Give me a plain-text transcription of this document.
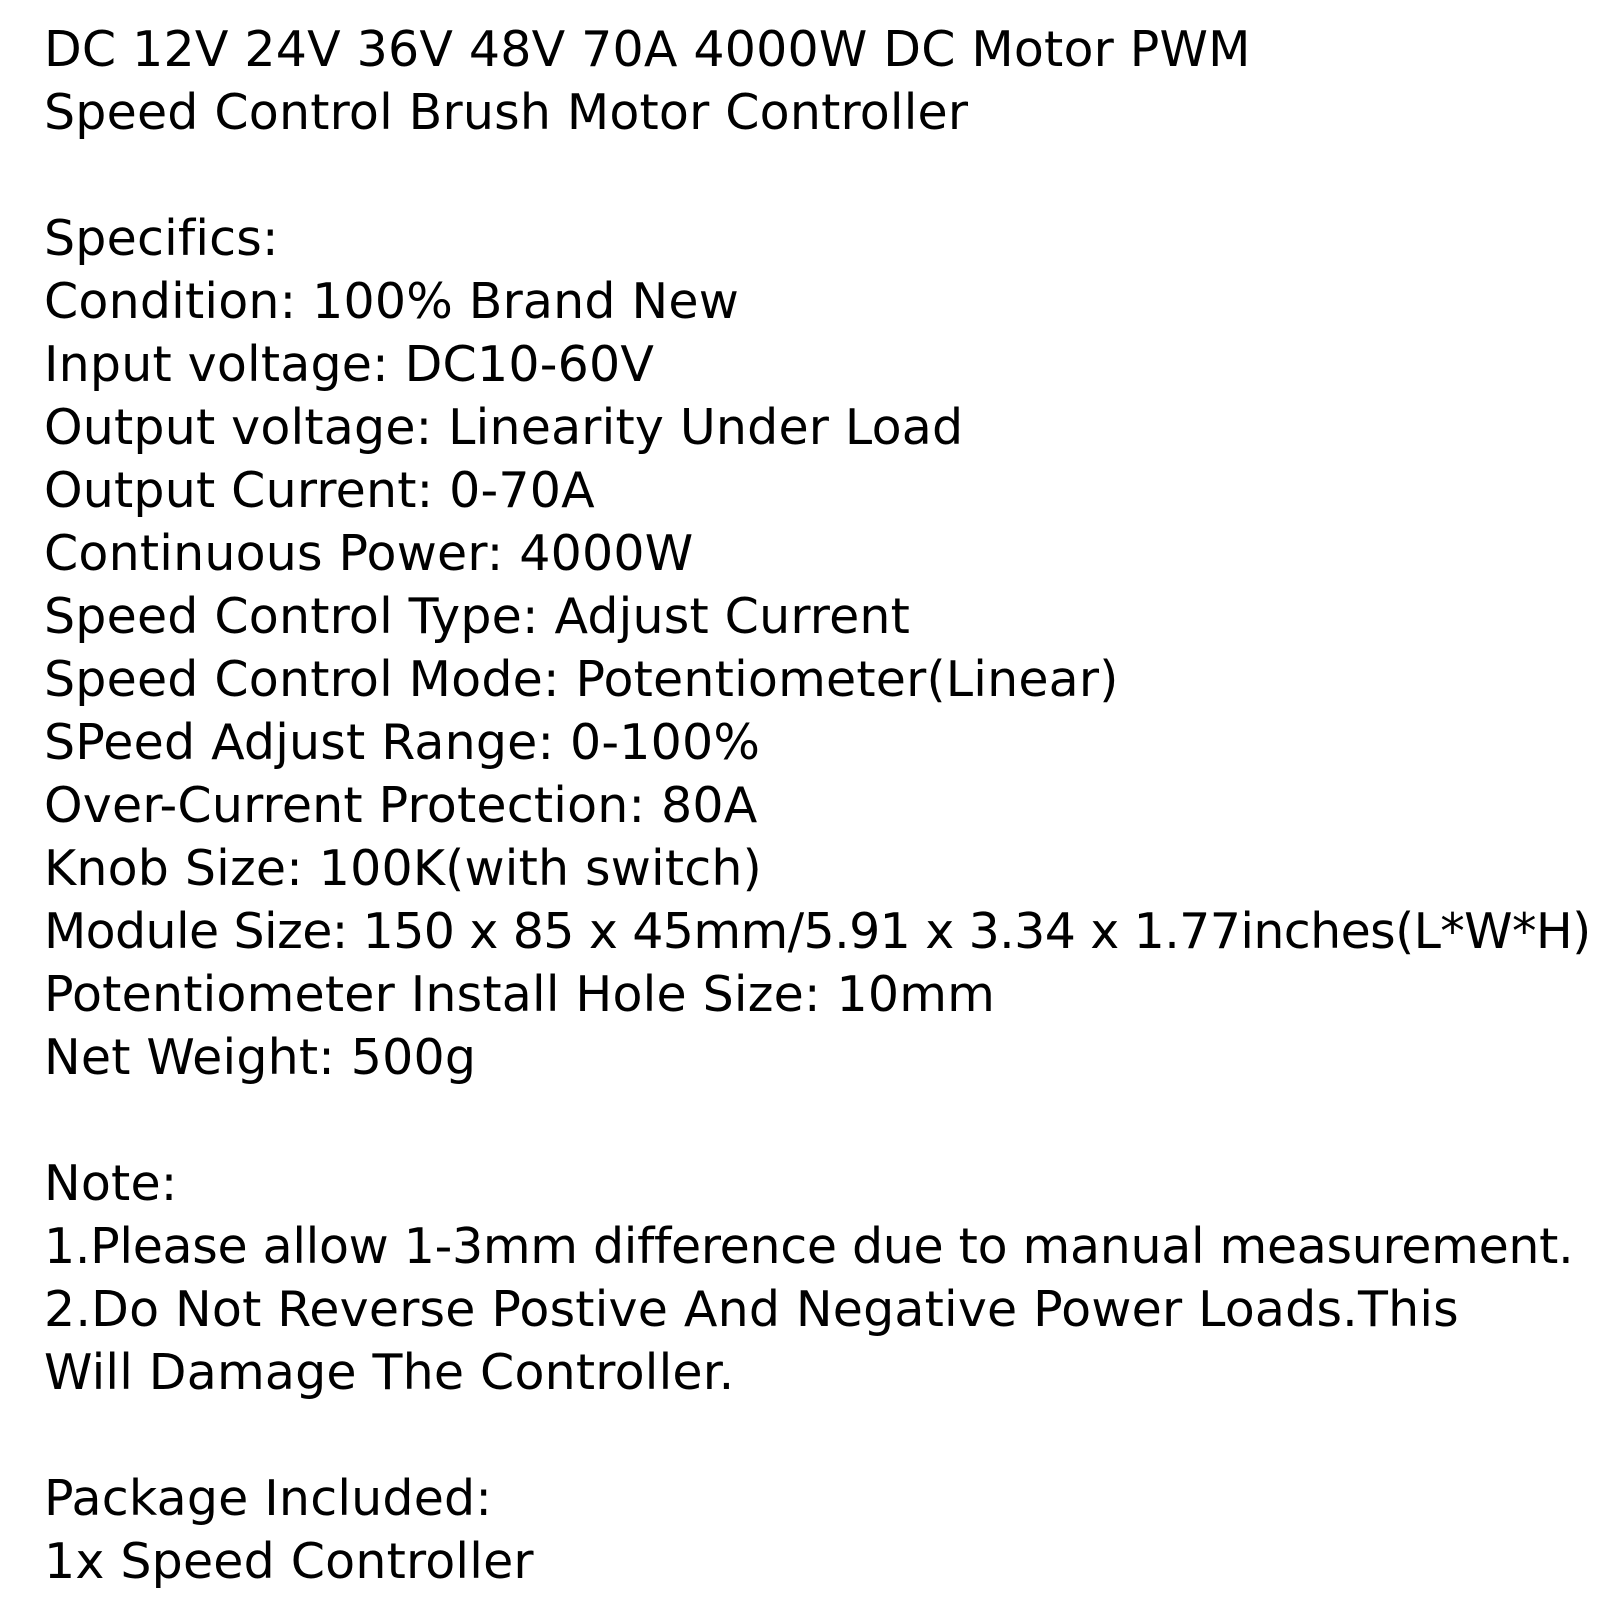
DC 12V 24V 36V 48V 70A 4000W DC Motor PWM Speed Control Brush Motor Controller
Specifics:
Condition: 100% Brand New
Input voltage: DC10-60V
Output voltage: Linearity Under Load
Output Current: 0-70A
Continuous Power: 4000W
Speed Control Type: Adjust Current
Speed Control Mode: Potentiometer(Linear)
SPeed Adjust Range: 0-100%
Over-Current Protection: 80A
Knob Size: 100K(with switch)
Module Size: 150 x 85 x 45mm/5.91 x 3.34 x 1.77inches(L*W*H)
Potentiometer Install Hole Size: 10mm
Net Weight: 500g
Note:
1.Please allow 1-3mm difference due to manual measurement.
2.Do Not Reverse Postive And Negative Power Loads.This Will Damage The Controller.
Package Included:
1x Speed Controller
